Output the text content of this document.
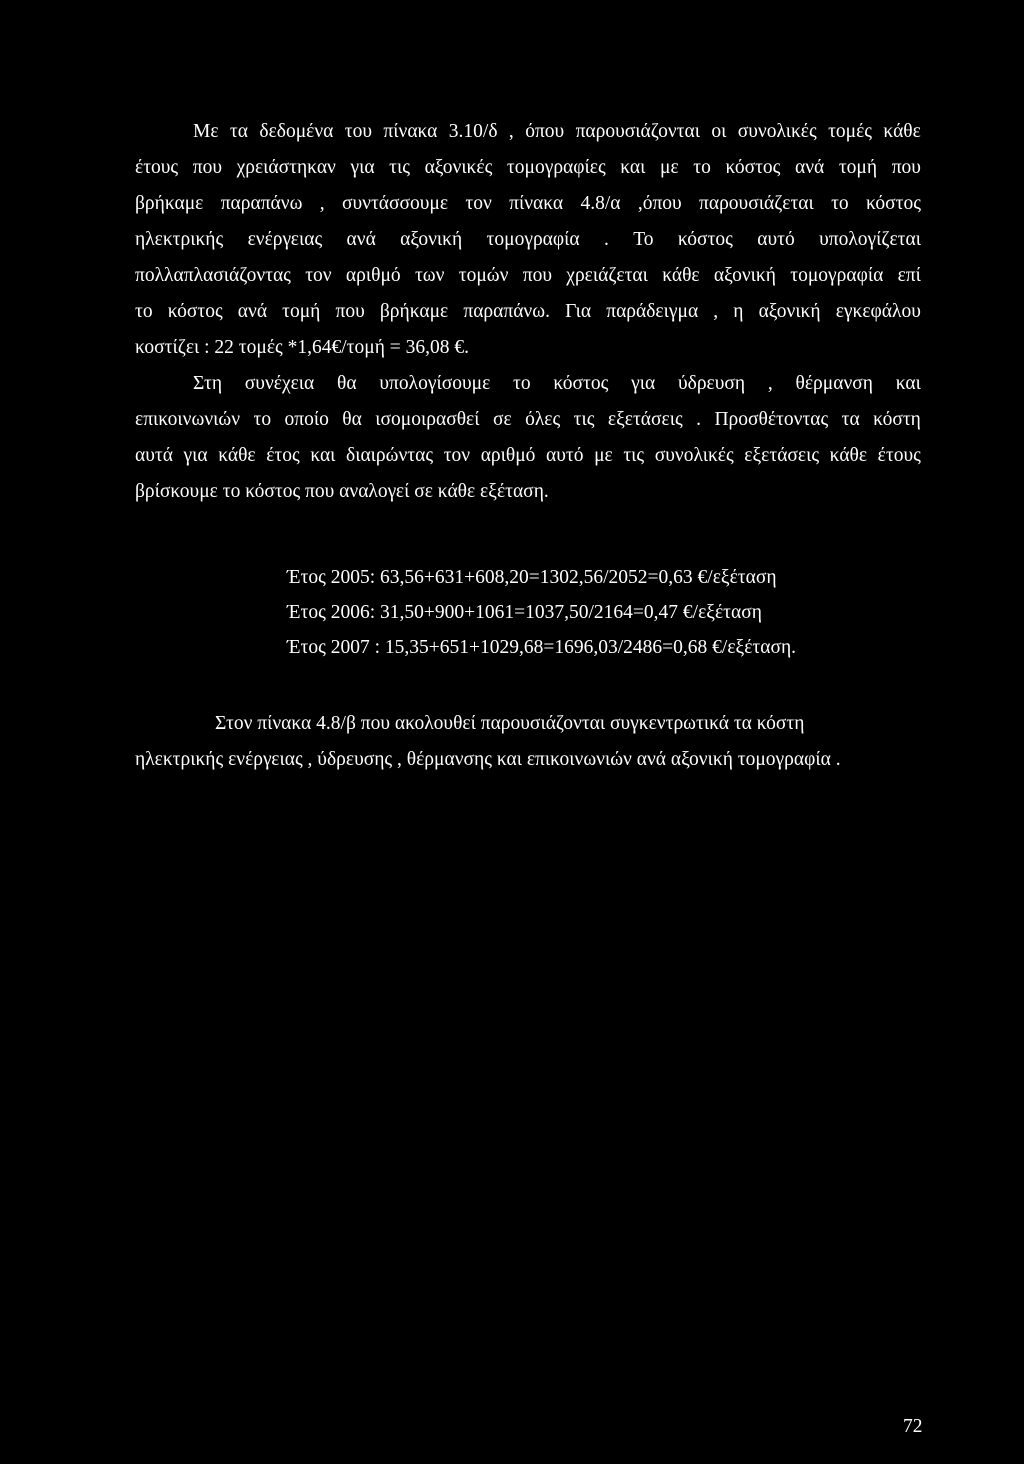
Με τα δεδομένα του πίνακα 3.10/δ , όπου παρουσιάζονται οι συνολικές τομές κάθε
έτους που χρειάστηκαν για τις αξονικές τομογραφίες και με το κόστος ανά τομή που
βρήκαμε παραπάνω , συντάσσουμε τον πίνακα 4.8/α ,όπου παρουσιάζεται το κόστος
ηλεκτρικής ενέργειας ανά αξονική τομογραφία . Το κόστος αυτό υπολογίζεται
πολλαπλασιάζοντας τον αριθμό των τομών που χρειάζεται κάθε αξονική τομογραφία επί
το κόστος ανά τομή που βρήκαμε παραπάνω. Για παράδειγμα , η αξονική εγκεφάλου
κοστίζει : 22 τομές *1,64€/τομή = 36,08 €.
Στη συνέχεια θα υπολογίσουμε το κόστος για ύδρευση , θέρμανση και
επικοινωνιών το οποίο θα ισομοιρασθεί σε όλες τις εξετάσεις . Προσθέτοντας τα κόστη
αυτά για κάθε έτος και διαιρώντας τον αριθμό αυτό με τις συνολικές εξετάσεις κάθε έτους
βρίσκουμε το κόστος που αναλογεί σε κάθε εξέταση.
Έτος 2005: 63,56+631+608,20=1302,56/2052=0,63 €/εξέταση
Έτος 2006: 31,50+900+1061=1037,50/2164=0,47 €/εξέταση
Έτος 2007 : 15,35+651+1029,68=1696,03/2486=0,68 €/εξέταση.
Στον πίνακα 4.8/β που ακολουθεί παρουσιάζονται συγκεντρωτικά τα κόστη
ηλεκτρικής ενέργειας , ύδρευσης , θέρμανσης και επικοινωνιών ανά αξονική τομογραφία .
72
